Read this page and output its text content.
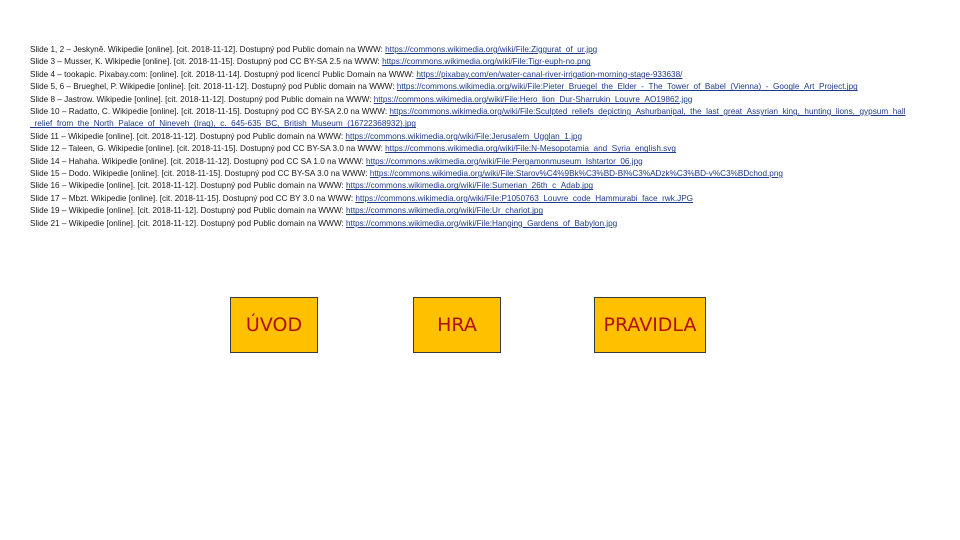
Slide 1, 2 – Jeskyně. Wikipedie [online]. [cit. 2018-11-12]. Dostupný pod Public domain na WWW: https://commons.wikimedia.org/wiki/File:Ziggurat_of_ur.jpg
Slide 3 – Musser, K. Wikipedie [online]. [cit. 2018-11-15]. Dostupný pod CC BY-SA 2.5 na WWW: https://commons.wikimedia.org/wiki/File:Tigr-euph-no.png
Slide 4 – tookapic. Pixabay.com: [online]. [cit. 2018-11-14]. Dostupný pod licencí Public Domain na WWW: https://pixabay.com/en/water-canal-river-irrigation-morning-stage-933638/
Slide 5, 6 – Brueghel, P. Wikipedie [online]. [cit. 2018-11-12]. Dostupný pod Public domain na WWW: https://commons.wikimedia.org/wiki/File:Pieter_Bruegel_the_Elder_-_The_Tower_of_Babel_(Vienna)_-_Google_Art_Project.jpg
Slide 8 – Jastrow. Wikipedie [online]. [cit. 2018-11-12]. Dostupný pod Public domain na WWW: https://commons.wikimedia.org/wiki/File:Hero_lion_Dur-Sharrukin_Louvre_AO19862.jpg
Slide 10 – Radatto, C. Wikipedie [online]. [cit. 2018-11-15]. Dostupný pod CC BY-SA 2.0 na WWW: https://commons.wikimedia.org/wiki/File:Sculpted_reliefs_depicting_Ashurbanipal,_the_last_great_Assyrian_king,_hunting_lions,_gypsum_hall_relief_from_the_North_Palace_of_Nineveh_(Iraq),_c._645-635_BC,_British_Museum_(16722368932).jpg
Slide 11 – Wikipedie [online]. [cit. 2018-11-12]. Dostupný pod Public domain na WWW: https://commons.wikimedia.org/wiki/File:Jerusalem_Ugglan_1.jpg
Slide 12 – Taleen, G. Wikipedie [online]. [cit. 2018-11-15]. Dostupný pod CC BY-SA 3.0 na WWW: https://commons.wikimedia.org/wiki/File:N-Mesopotamia_and_Syria_english.svg
Slide 14 – Hahaha. Wikipedie [online]. [cit. 2018-11-12]. Dostupný pod CC SA 1.0 na WWW: https://commons.wikimedia.org/wiki/File:Pergamonmuseum_Ishtartor_06.jpg
Slide 15 – Dodo. Wikipedie [online]. [cit. 2018-11-15]. Dostupný pod CC BY-SA 3.0 na WWW: https://commons.wikimedia.org/wiki/File:Starov%C4%9Bk%C3%BD-Bl%C3%ADzk%C3%BD-v%C3%BDchod.png
Slide 16 – Wikipedie [online]. [cit. 2018-11-12]. Dostupný pod Public domain na WWW: https://commons.wikimedia.org/wiki/File:Sumerian_26th_c_Adab.jpg
Slide 17 – Mbzt. Wikipedie [online]. [cit. 2018-11-15]. Dostupný pod CC BY 3.0 na WWW: https://commons.wikimedia.org/wiki/File:P1050763_Louvre_code_Hammurabi_face_rwk.JPG
Slide 19 – Wikipedie [online]. [cit. 2018-11-12]. Dostupný pod Public domain na WWW: https://commons.wikimedia.org/wiki/File:Ur_chariot.jpg
Slide 21 – Wikipedie [online]. [cit. 2018-11-12]. Dostupný pod Public domain na WWW: https://commons.wikimedia.org/wiki/File:Hanging_Gardens_of_Babylon.jpg
ÚVOD	HRA	PRAVIDLA
